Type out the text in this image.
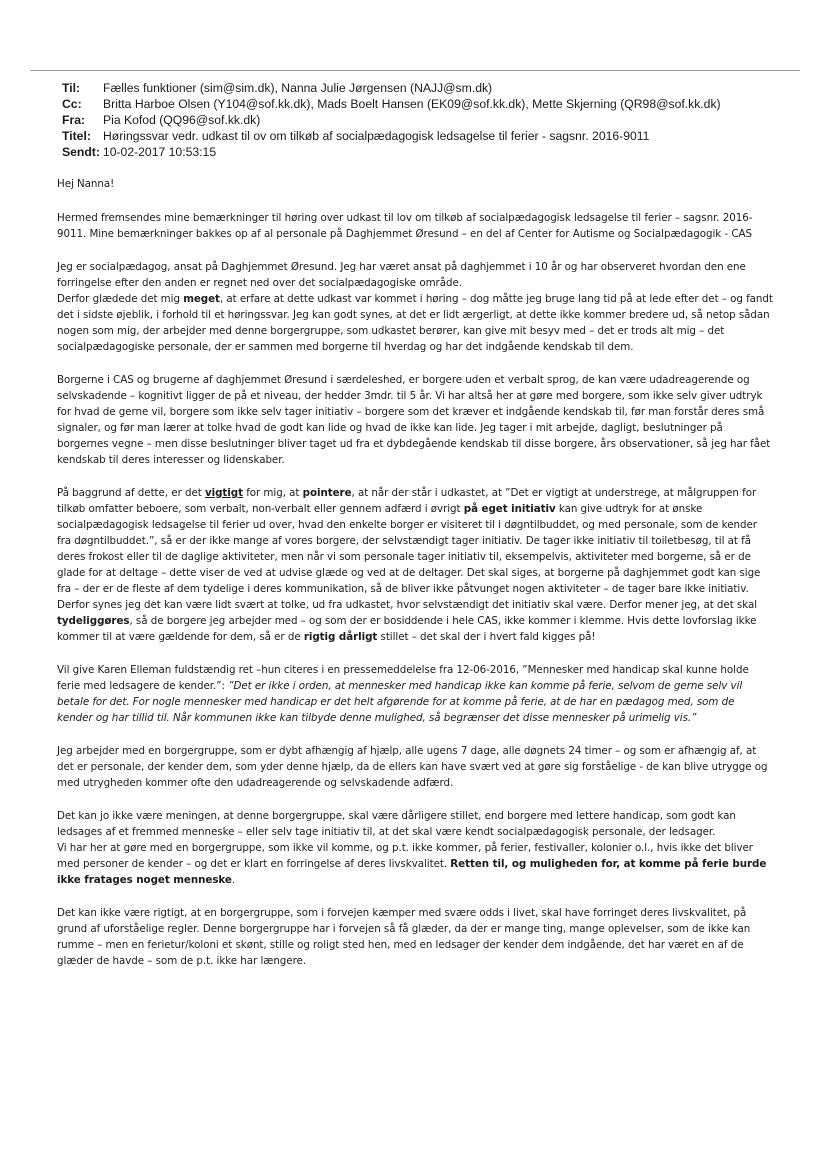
Til:	Fælles funktioner (sim@sim.dk), Nanna Julie Jørgensen (NAJJ@sm.dk)
Cc:	Britta Harboe Olsen (Y104@sof.kk.dk), Mads Boelt Hansen (EK09@sof.kk.dk), Mette Skjerning (QR98@sof.kk.dk)
Fra:	Pia Kofod (QQ96@sof.kk.dk)
Titel: Høringssvar vedr. udkast til ov om tilkøb af socialpædagogisk ledsagelse til ferier - sagsnr. 2016-9011
Sendt: 10-02-2017 10:53:15

Hej Nanna!

Hermed fremsendes mine bemærkninger til høring over udkast til lov om tilkøb af socialpædagogisk ledsagelse til ferier – sagsnr. 2016-9011. Mine bemærkninger bakkes op af al personale på Daghjemmet Øresund – en del af Center for Autisme og Socialpædagogik - CAS

Jeg er socialpædagog, ansat på Daghjemmet Øresund. Jeg har været ansat på daghjemmet i 10 år og har observeret hvordan den ene forringelse efter den anden er regnet ned over det socialpædagogiske område.
Derfor glædede det mig meget, at erfare at dette udkast var kommet i høring – dog måtte jeg bruge lang tid på at lede efter det – og fandt det i sidste øjeblik, i forhold til et høringssvar. Jeg kan godt synes, at det er lidt ærgerligt, at dette ikke kommer bredere ud, så netop sådan nogen som mig, der arbejder med denne borgergruppe, som udkastet berører, kan give mit besyv med – det er trods alt mig – det socialpædagogiske personale, der er sammen med borgerne til hverdag og har det indgående kendskab til dem.

Borgerne i CAS og brugerne af daghjemmet Øresund i særdeleshed, er borgere uden et verbalt sprog, de kan være udadreagerende og selvskadende – kognitivt ligger de på et niveau, der hedder 3mdr. til 5 år. Vi har altså her at gøre med borgere, som ikke selv giver udtryk for hvad de gerne vil, borgere som ikke selv tager initiativ – borgere som det kræver et indgående kendskab til, før man forstår deres små signaler, og før man lærer at tolke hvad de godt kan lide og hvad de ikke kan lide. Jeg tager i mit arbejde, dagligt, beslutninger på borgernes vegne – men disse beslutninger bliver taget ud fra et dybdegående kendskab til disse borgere, års observationer, så jeg har fået kendskab til deres interesser og lidenskaber.

På baggrund af dette, er det vigtigt for mig, at pointere, at når der står i udkastet, at ”Det er vigtigt at understrege, at målgruppen for tilkøb omfatter beboere, som verbalt, non-verbalt eller gennem adfærd i øvrigt på eget initiativ kan give udtryk for at ønske socialpædagogisk ledsagelse til ferier ud over, hvad den enkelte borger er visiteret til i døgntilbuddet, og med personale, som de kender fra døgntilbuddet.”, så er der ikke mange af vores borgere, der selvstændigt tager initiativ. De tager ikke initiativ til toiletbesøg, til at få deres frokost eller til de daglige aktiviteter, men når vi som personale tager initiativ til, eksempelvis, aktiviteter med borgerne, så er de glade for at deltage – dette viser de ved at udvise glæde og ved at de deltager. Det skal siges, at borgerne på daghjemmet godt kan sige fra – der er de fleste af dem tydelige i deres kommunikation, så de bliver ikke påtvunget nogen aktiviteter – de tager bare ikke initiativ. Derfor synes jeg det kan være lidt svært at tolke, ud fra udkastet, hvor selvstændigt det initiativ skal være. Derfor mener jeg, at det skal tydeliggøres, så de borgere jeg arbejder med – og som der er bosiddende i hele CAS, ikke kommer i klemme. Hvis dette lovforslag ikke kommer til at være gældende for dem, så er de rigtig dårligt stillet – det skal der i hvert fald kigges på!

Vil give Karen Elleman fuldstændig ret –hun citeres i en pressemeddelelse fra 12-06-2016, ”Mennesker med handicap skal kunne holde ferie med ledsagere de kender.”: ”Det er ikke i orden, at mennesker med handicap ikke kan komme på ferie, selvom de gerne selv vil betale for det. For nogle mennesker med handicap er det helt afgørende for at komme på ferie, at de har en pædagog med, som de kender og har tillid til. Når kommunen ikke kan tilbyde denne mulighed, så begrænser det disse mennesker på urimelig vis.”

Jeg arbejder med en borgergruppe, som er dybt afhængig af hjælp, alle ugens 7 dage, alle døgnets 24 timer – og som er afhængig af, at det er personale, der kender dem, som yder denne hjælp, da de ellers kan have svært ved at gøre sig forståelige - de kan blive utrygge og med utrygheden kommer ofte den udadreagerende og selvskadende adfærd.

Det kan jo ikke være meningen, at denne borgergruppe, skal være dårligere stillet, end borgere med lettere handicap, som godt kan ledsages af et fremmed menneske – eller selv tage initiativ til, at det skal være kendt socialpædagogisk personale, der ledsager.
Vi har her at gøre med en borgergruppe, som ikke vil komme, og p.t. ikke kommer, på ferier, festivaller, kolonier o.l., hvis ikke det bliver med personer de kender – og det er klart en forringelse af deres livskvalitet. Retten til, og muligheden for, at komme på ferie burde ikke fratages noget menneske.

Det kan ikke være rigtigt, at en borgergruppe, som i forvejen kæmper med svære odds i livet, skal have forringet deres livskvalitet, på grund af uforståelige regler. Denne borgergruppe har i forvejen så få glæder, da der er mange ting, mange oplevelser, som de ikke kan rumme – men en ferietur/koloni et skønt, stille og roligt sted hen, med en ledsager der kender dem indgående, det har været en af de glæder de havde – som de p.t. ikke har længere.
